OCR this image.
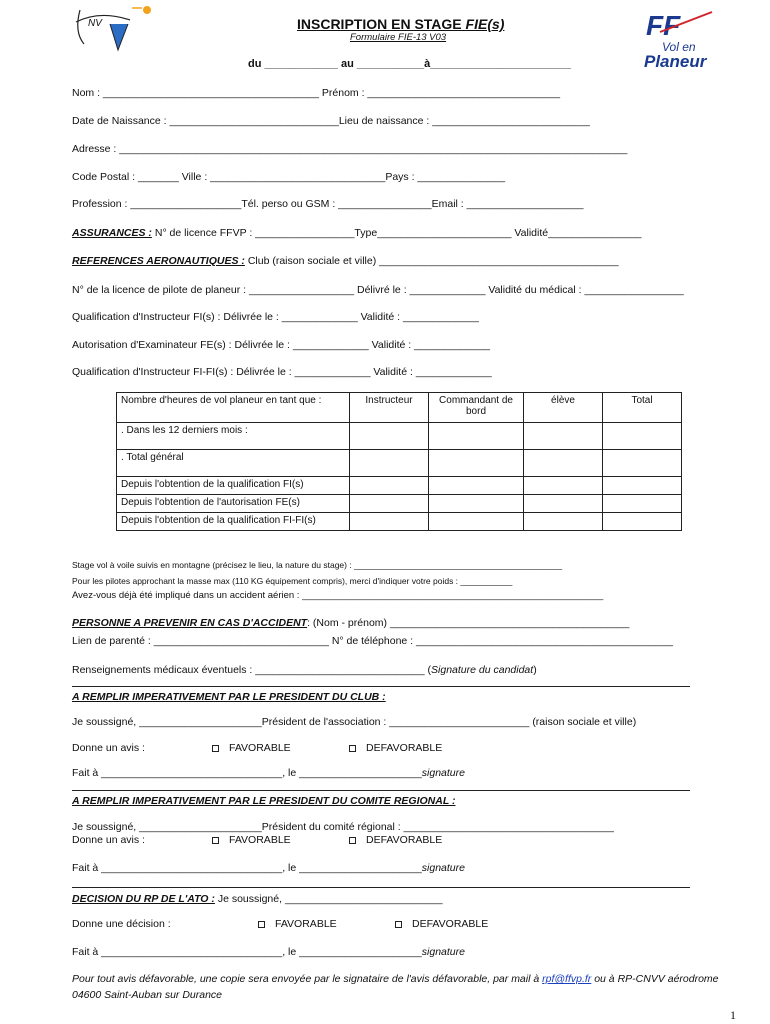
NV	FF
Vol en
Planeur
INSCRIPTION EN STAGE FIE(s)
Formulaire FIE-13 V03
du ____________ au ___________à_______________________
Nom : _____________________________________ Prénom : _________________________________
Date de Naissance : _____________________________Lieu de naissance : ___________________________
Adresse : _______________________________________________________________________________________
Code Postal : _______ Ville : ______________________________Pays : _______________
Profession : ___________________Tél. perso ou GSM : ________________Email : ____________________
ASSURANCES : N° de licence FFVP : _________________Type_______________________ Validité________________
REFERENCES AERONAUTIQUES : Club (raison sociale et ville) _________________________________________
N° de la licence de pilote de planeur : __________________ Délivré le : _____________ Validité du médical : _________________
Qualification d'Instructeur FI(s) : Délivrée le : _____________ Validité : _____________
Autorisation d'Examinateur FE(s) : Délivrée le : _____________ Validité : _____________
Qualification d'Instructeur FI-FI(s) : Délivrée le : _____________ Validité : _____________
Nombre d'heures de vol planeur en tant que :	Instructeur	Commandant de bord	élève	Total
. Dans les 12 derniers mois :				
. Total général				
Depuis l'obtention de la qualification FI(s)				
Depuis l'obtention de l'autorisation FE(s)				
Depuis l'obtention de la qualification FI-FI(s)				
Stage vol à voile suivis en montagne (précisez le lieu, la nature du stage) : ____________________________________________
Pour les pilotes approchant la masse max (110 KG équipement compris), merci d'indiquer votre poids : ___________
Avez-vous déjà été impliqué dans un accident aérien : _________________________________________________________
PERSONNE A PREVENIR EN CAS D'ACCIDENT: (Nom - prénom) _________________________________________
Lien de parenté : ______________________________ N° de téléphone : ____________________________________________
Renseignements médicaux éventuels : _____________________________ (Signature du candidat)
A REMPLIR IMPERATIVEMENT PAR LE PRESIDENT DU CLUB :
Je soussigné, _____________________Président de l'association : ________________________ (raison sociale et ville)
Donne un avis :	FAVORABLE	DEFAVORABLE
Fait à _______________________________, le _____________________signature
A REMPLIR IMPERATIVEMENT PAR LE PRESIDENT DU COMITE REGIONAL :
Je soussigné, _____________________Président du comité régional : ____________________________________
Donne un avis :	FAVORABLE	DEFAVORABLE
Fait à _______________________________, le _____________________signature
DECISION DU RP DE L'ATO : Je soussigné, ___________________________
Donne une décision :	FAVORABLE	DEFAVORABLE
Fait à _______________________________, le _____________________signature
Pour tout avis défavorable, une copie sera envoyée par le signataire de l'avis défavorable, par mail à rpf@ffvp.fr ou à RP-CNVV aérodrome
04600 Saint-Auban sur Durance
1
